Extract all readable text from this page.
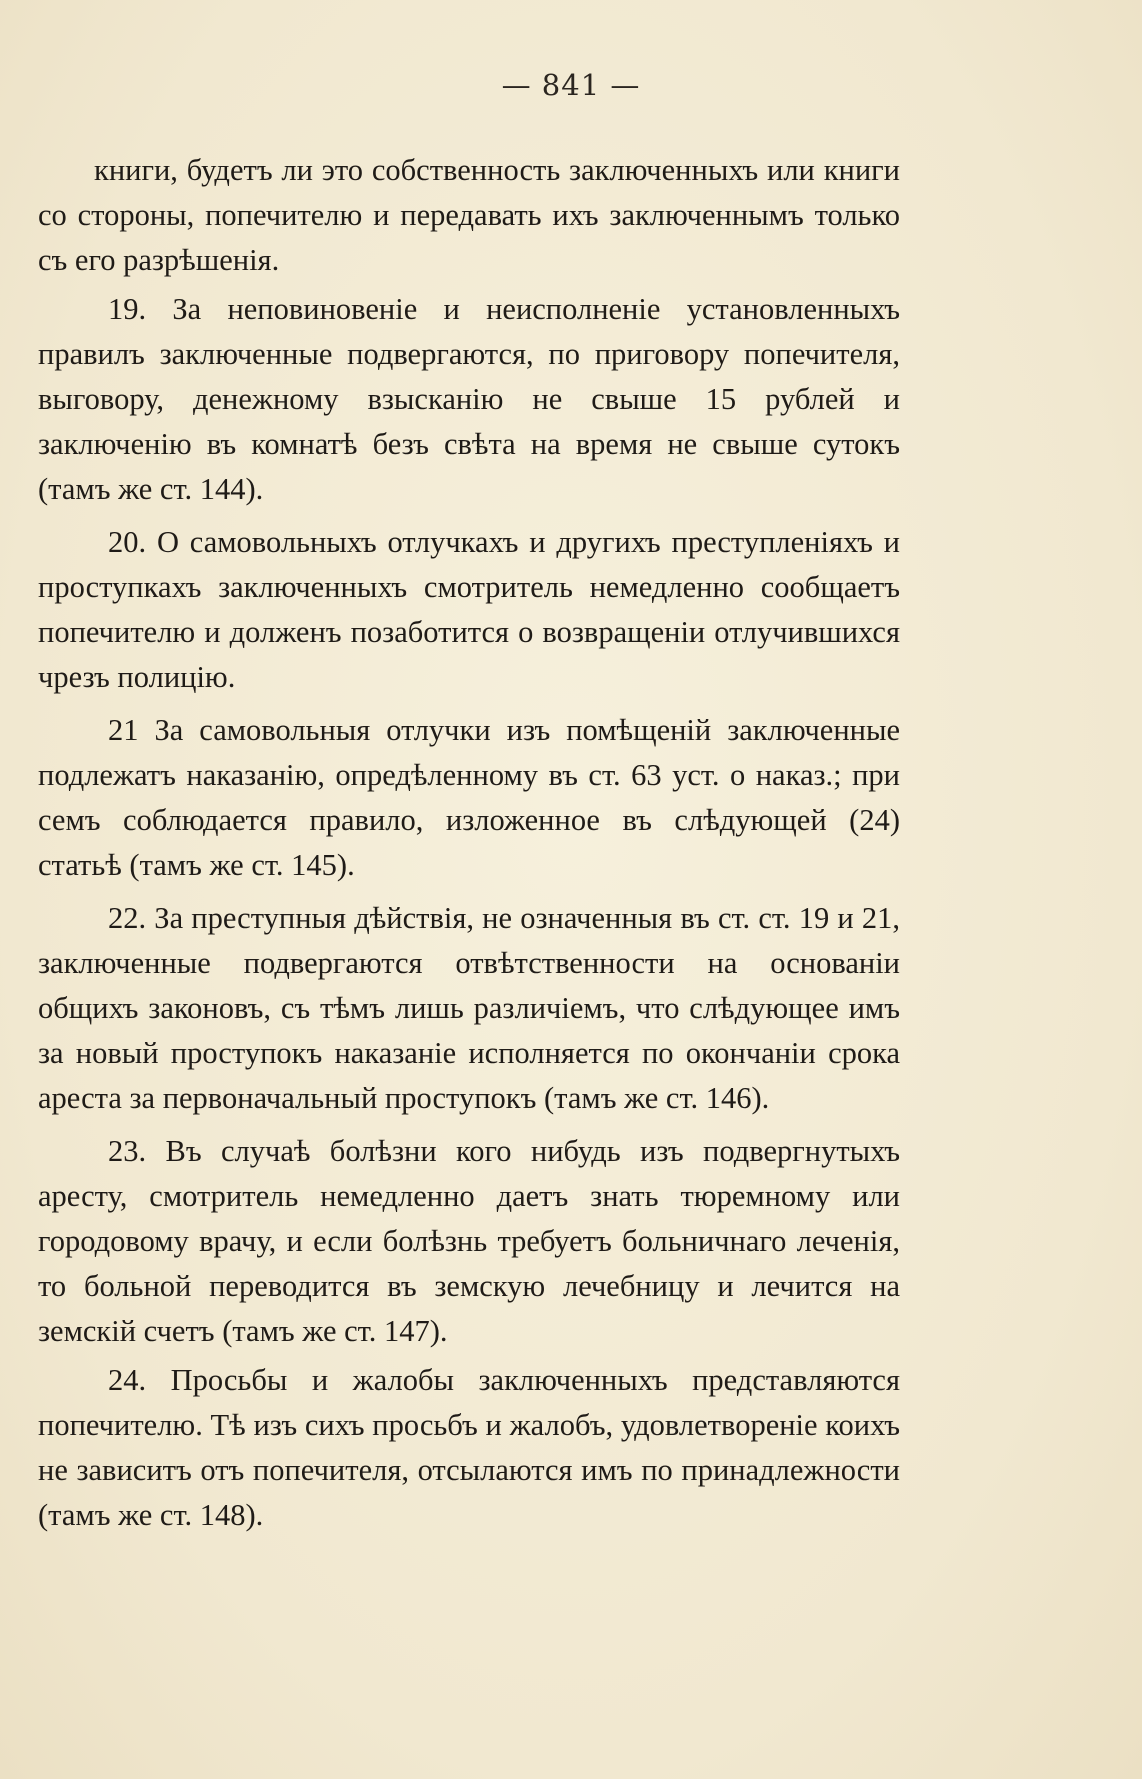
— 841 —

книги, будетъ ли это собственность заключенныхъ или книги со стороны, попечителю и передавать ихъ заключеннымъ только съ его разрѣшенія.

19. За неповиновеніе и неисполненіе установленныхъ правилъ заключенные подвергаются, по приговору попечителя, выговору, денежному взысканію не свыше 15 рублей и заключенію въ комнатѣ безъ свѣта на время не свыше сутокъ (тамъ же ст. 144).

20. О самовольныхъ отлучкахъ и другихъ преступленіяхъ и проступкахъ заключенныхъ смотритель немедленно сообщаетъ попечителю и долженъ позаботится о возвращеніи отлучившихся чрезъ полицію.

21 За самовольныя отлучки изъ помѣщеній заключенные подлежатъ наказанію, опредѣленному въ ст. 63 уст. о наказ.; при семъ соблюдается правило, изложенное въ слѣдующей (24) статьѣ (тамъ же ст. 145).

22. За преступныя дѣйствія, не означенныя въ ст. ст. 19 и 21, заключенные подвергаются отвѣтственности на основаніи общихъ законовъ, съ тѣмъ лишь различіемъ, что слѣдующее имъ за новый проступокъ наказаніе исполняется по окончаніи срока ареста за первоначальный проступокъ (тамъ же ст. 146).

23. Въ случаѣ болѣзни кого нибудь изъ подвергнутыхъ аресту, смотритель немедленно даетъ знать тюремному или городовому врачу, и если болѣзнь требуетъ больничнаго леченія, то больной переводится въ земскую лечебницу и лечится на земскій счетъ (тамъ же ст. 147).

24. Просьбы и жалобы заключенныхъ представляются попечителю. Тѣ изъ сихъ просьбъ и жалобъ, удовлетвореніе коихъ не зависитъ отъ попечителя, отсылаются имъ по принадлежности (тамъ же ст. 148).
